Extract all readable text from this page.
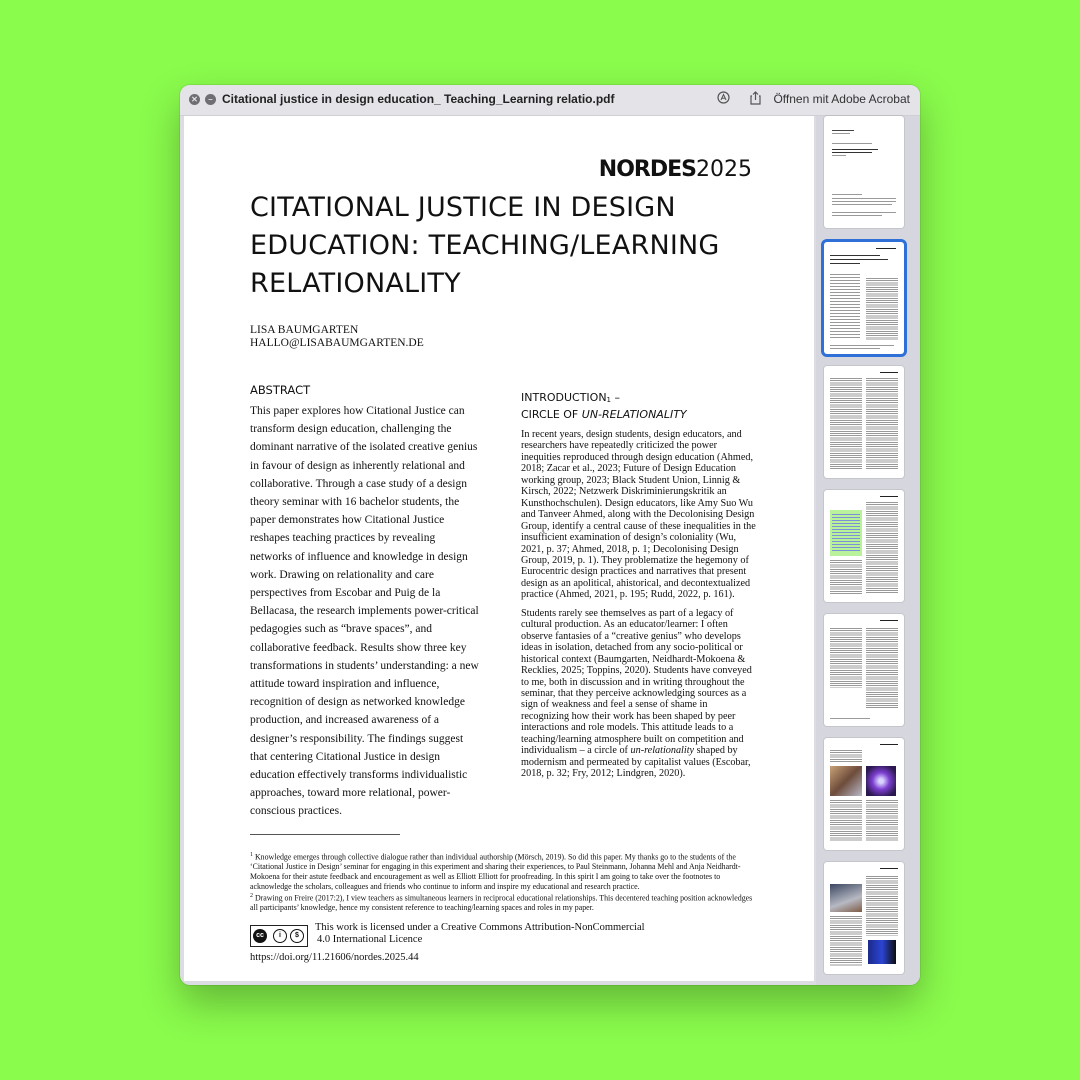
✕	– Citational justice in design education_ Teaching_Learning relatio.pdf	Öffnen mit Adobe Acrobat
NORDES2025
CITATIONAL JUSTICE IN DESIGN EDUCATION: TEACHING/LEARNING RELATIONALITY
LISA BAUMGARTEN
HALLO@LISABAUMGARTEN.DE
ABSTRACT
This paper explores how Citational Justice can transform design education, challenging the dominant narrative of the isolated creative genius in favour of design as inherently relational and collaborative. Through a case study of a design theory seminar with 16 bachelor students, the paper demonstrates how Citational Justice reshapes teaching practices by revealing networks of influence and knowledge in design work. Drawing on relationality and care perspectives from Escobar and Puig de la Bellacasa, the research implements power-critical pedagogies such as “brave spaces”, and collaborative feedback. Results show three key transformations in students’ understanding: a new attitude toward inspiration and influence, recognition of design as networked knowledge production, and increased awareness of a designer’s responsibility. The findings suggest that centering Citational Justice in design education effectively transforms individualistic approaches, toward more relational, power-conscious practices.
$INTRODUCTION_1$ –
CIRCLE OF UN-RELATIONALITY

In recent years, design students, design educators, and researchers have repeatedly criticized the power inequities reproduced through design education (Ahmed, 2018; Zacar et al., 2023; Future of Design Education working group, 2023; Black Student Union, Linnig & Kirsch, 2022; Netzwerk Diskriminierungskritik an Kunsthochschulen). Design educators, like Amy Suo Wu and Tanveer Ahmed, along with the Decolonising Design Group, identify a central cause of these inequalities in the insufficient examination of design’s coloniality (Wu, 2021, p. 37; Ahmed, 2018, p. 1; Decolonising Design Group, 2019, p. 1). They problematize the hegemony of Eurocentric design practices and narratives that present design as an apolitical, ahistorical, and decontextualized practice (Ahmed, 2021, p. 195; Rudd, 2022, p. 161).

Students rarely see themselves as part of a legacy of cultural production. As an educator/learner: I often observe fantasies of a “creative genius” who develops ideas in isolation, detached from any socio-political or historical context (Baumgarten, Neidhardt-Mokoena & Recklies, 2025; Toppins, 2020). Students have conveyed to me, both in discussion and in writing throughout the seminar, that they perceive acknowledging sources as a sign of weakness and feel a sense of shame in recognizing how their work has been shaped by peer interactions and role models. This attitude leads to a teaching/learning atmosphere built on competition and individualism – a circle of un-relationality shaped by modernism and permeated by capitalist values (Escobar, 2018, p. 32; Fry, 2012; Lindgren, 2020).

$^1$ Knowledge emerges through collective dialogue rather than individual authorship (Mörsch, 2019). So did this paper. My thanks go to the students of the ‘Citational Justice in Design’ seminar for engaging in this experiment and sharing their experiences, to Paul Steinmann, Johanna Mehl and Anja Neidhardt-Mokoena for their astute feedback and encouragement as well as Elliott Elliott for proofreading. In this spirit I am going to take over the footnotes to acknowledge the scholars, colleagues and friends who continue to inform and inspire my educational and research practice.

$^2$ Drawing on Freire (2017:2), I view teachers as simultaneous learners in reciprocal educational relationships. This decentered teaching position acknowledges all participants’ knowledge, hence my consistent reference to teaching/learning spaces and roles in my paper.

cc	i	$
This work is licensed under a Creative Commons Attribution-NonCommercial
4.0 International Licence
https://doi.org/11.21606/nordes.2025.44
